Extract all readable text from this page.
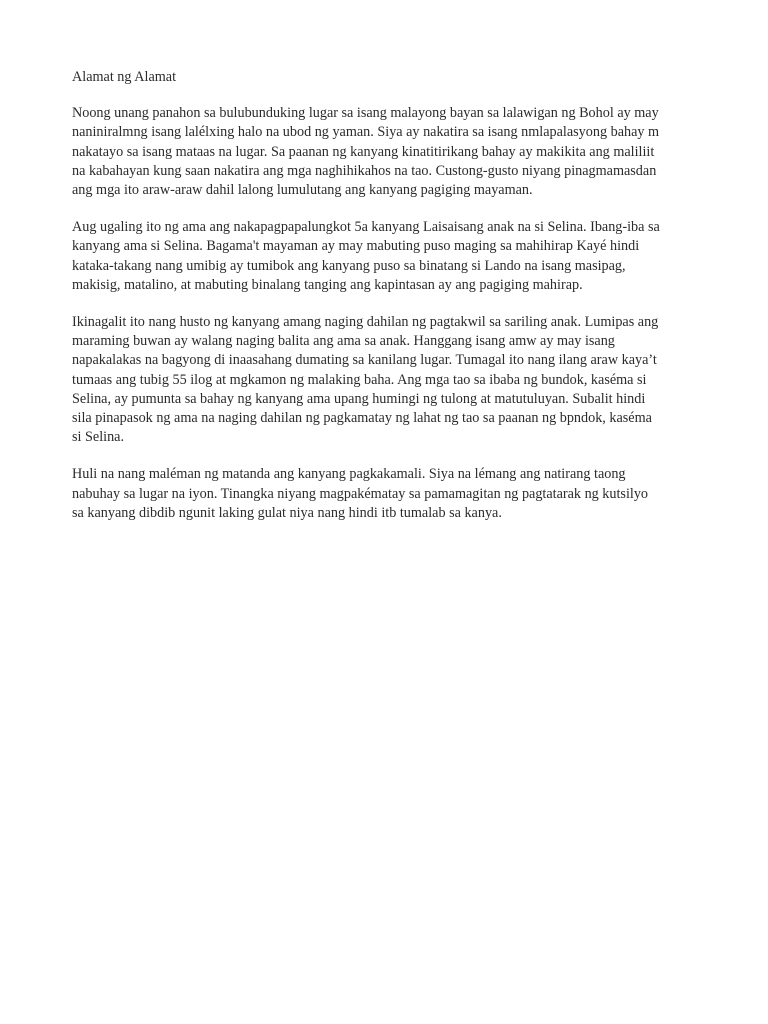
Alamat ng Alamat
Noong unang panahon sa bulubunduking lugar sa isang malayong bayan sa lalawigan ng Bohol ay may
naniniralmng isang lalélxing halo na ubod ng yaman. Siya ay nakatira sa isang nmlapalasyong bahay m
nakatayo sa isang mataas na lugar. Sa paanan ng kanyang kinatitirikang bahay ay makikita ang maliliit
na kabahayan kung saan nakatira ang mga naghihikahos na tao. Custong-gusto niyang pinagmamasdan
ang mga ito araw-araw dahil lalong lumulutang ang kanyang pagiging mayaman.
Aug ugaling ito ng ama ang nakapagpapalungkot 5a kanyang Laisaisang anak na si Selina. Ibang-iba sa
kanyang ama si Selina. Bagama't mayaman ay may mabuting puso maging sa mahihirap Kayé hindi
kataka-takang nang umibig ay tumibok ang kanyang puso sa binatang si Lando na isang masipag,
makisig, matalino, at mabuting binalang tanging ang kapintasan ay ang pagiging mahirap.
Ikinagalit ito nang husto ng kanyang amang naging dahilan ng pagtakwil sa sariling anak. Lumipas ang
maraming buwan ay walang naging balita ang ama sa anak. Hanggang isang amw ay may isang
napakalakas na bagyong di inaasahang dumating sa kanilang lugar. Tumagal ito nang ilang araw kaya’t
tumaas ang tubig 55 ilog at mgkamon ng malaking baha. Ang mga tao sa ibaba ng bundok, kaséma si
Selina, ay pumunta sa bahay ng kanyang ama upang humingi ng tulong at matutuluyan. Subalit hindi
sila pinapasok ng ama na naging dahilan ng pagkamatay ng lahat ng tao sa paanan ng bpndok, kaséma
si Selina.
Huli na nang maléman ng matanda ang kanyang pagkakamali. Siya na lémang ang natirang taong
nabuhay sa lugar na iyon. Tinangka niyang magpakématay sa pamamagitan ng pagtatarak ng kutsilyo
sa kanyang dibdib ngunit laking gulat niya nang hindi itb tumalab sa kanya.
